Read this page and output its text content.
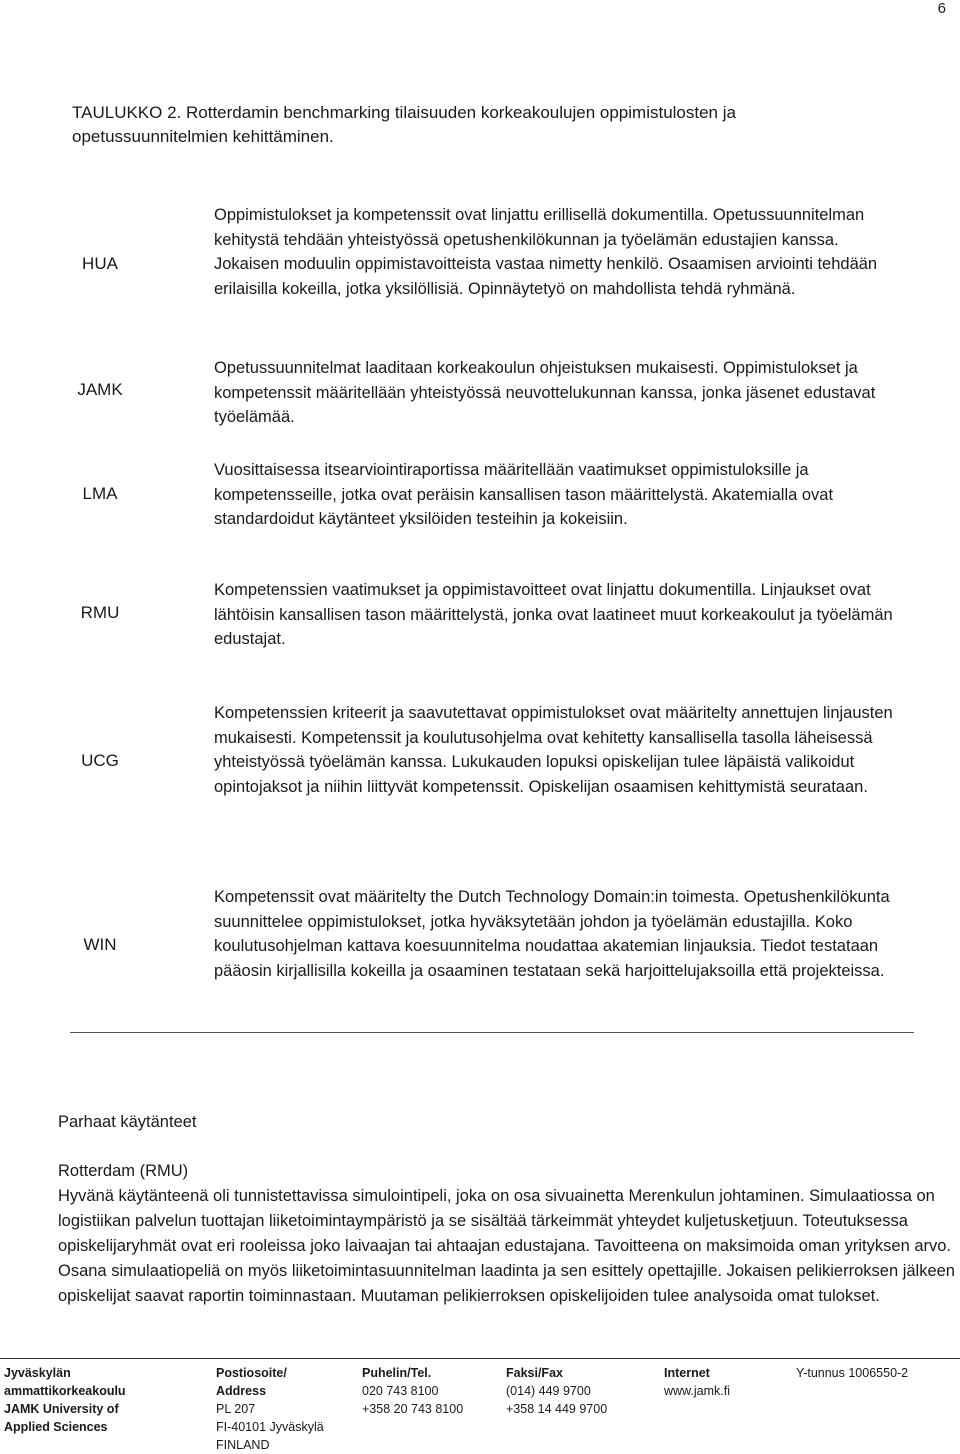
6
TAULUKKO 2. Rotterdamin benchmarking tilaisuuden korkeakoulujen oppimistulosten ja opetussuunnitelmien kehittäminen.
HUA
Oppimistulokset ja kompetenssit ovat linjattu erillisellä dokumentilla. Opetussuunnitelman kehitystä tehdään yhteistyössä opetushenkilökunnan ja työelämän edustajien kanssa. Jokaisen moduulin oppimistavoitteista vastaa nimetty henkilö. Osaamisen arviointi tehdään erilaisilla kokeilla, jotka yksilöllisiä. Opinnäytetyö on mahdollista tehdä ryhmänä.
JAMK
Opetussuunnitelmat laaditaan korkeakoulun ohjeistuksen mukaisesti. Oppimistulokset ja kompetenssit määritellään yhteistyössä neuvottelukunnan kanssa, jonka jäsenet edustavat työelämää.
LMA
Vuosittaisessa itsearviointiraportissa määritellään vaatimukset oppimistuloksille ja kompetensseille, jotka ovat peräisin kansallisen tason määrittelystä. Akatemialla ovat standardoidut käytänteet yksilöiden testeihin ja kokeisiin.
RMU
Kompetenssien vaatimukset ja oppimistavoitteet ovat linjattu dokumentilla. Linjaukset ovat lähtöisin kansallisen tason määrittelystä, jonka ovat laatineet muut korkeakoulut ja työelämän edustajat.
UCG
Kompetenssien kriteerit ja saavutettavat oppimistulokset ovat määritelty annettujen linjausten mukaisesti. Kompetenssit ja koulutusohjelma ovat kehitetty kansallisella tasolla läheisessä yhteistyössä työelämän kanssa. Lukukauden lopuksi opiskelijan tulee läpäistä valikoidut opintojaksot ja niihin liittyvät kompetenssit. Opiskelijan osaamisen kehittymistä seurataan.
WIN
Kompetenssit ovat määritelty the Dutch Technology Domain:in toimesta. Opetushenkilökunta suunnittelee oppimistulokset, jotka hyväksytetään johdon ja työelämän edustajilla. Koko koulutusohjelman kattava koesuunnitelma noudattaa akatemian linjauksia. Tiedot testataan pääosin kirjallisilla kokeilla ja osaaminen testataan sekä harjoittelujaksoilla että projekteissa.
Parhaat käytänteet
Rotterdam (RMU)
Hyvänä käytänteenä oli tunnistettavissa simulointipeli, joka on osa sivuainetta Merenkulun johtaminen. Simulaatiossa on logistiikan palvelun tuottajan liiketoimintaympäristö ja se sisältää tärkeimmät yhteydet kuljetusketjuun. Toteutuksessa opiskelijaryhmät ovat eri rooleissa joko laivaajan tai ahtaajan edustajana. Tavoitteena on maksimoida oman yrityksen arvo. Osana simulaatiopeliä on myös liiketoimintasuunnitelman laadinta ja sen esittely opettajille. Jokaisen pelikierroksen jälkeen opiskelijat saavat raportin toiminnastaan. Muutaman pelikierroksen opiskelijoiden tulee analysoida omat tulokset.
Jyväskylän
ammattikorkeakoulu
JAMK University of
Applied Sciences
Postiosoite/
Address
PL 207
FI-40101 Jyväskylä
FINLAND
Puhelin/Tel.
020 743 8100
+358 20 743 8100
Faksi/Fax
(014) 449 9700
+358 14 449 9700
Internet
www.jamk.fi
Y-tunnus 1006550-2
